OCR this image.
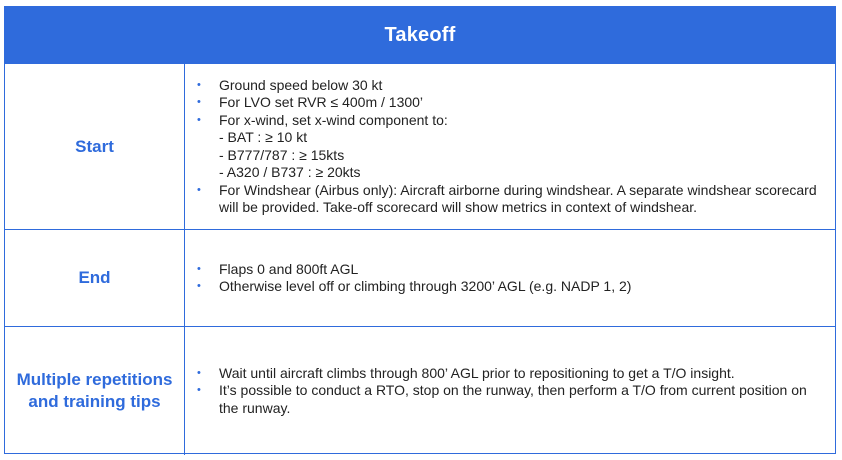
Takeoff
Start
• Ground speed below 30 kt
• For LVO set RVR ≤ 400m / 1300’
• For x-wind, set x-wind component to:
- BAT : ≥ 10 kt
- B777/787 : ≥ 15kts
- A320 / B737 : ≥ 20kts
• For Windshear (Airbus only): Aircraft airborne during windshear. A separate windshear scorecard will be provided. Take-off scorecard will show metrics in context of windshear.
End
•	Flaps 0 and 800ft AGL
• Otherwise level off or climbing through 3200’ AGL (e.g. NADP 1, 2)
Multiple repetitions and training tips
• Wait until aircraft climbs through 800’ AGL prior to repositioning to get a T/O insight.
• It’s possible to conduct a RTO, stop on the runway, then perform a T/O from current position on the runway.
